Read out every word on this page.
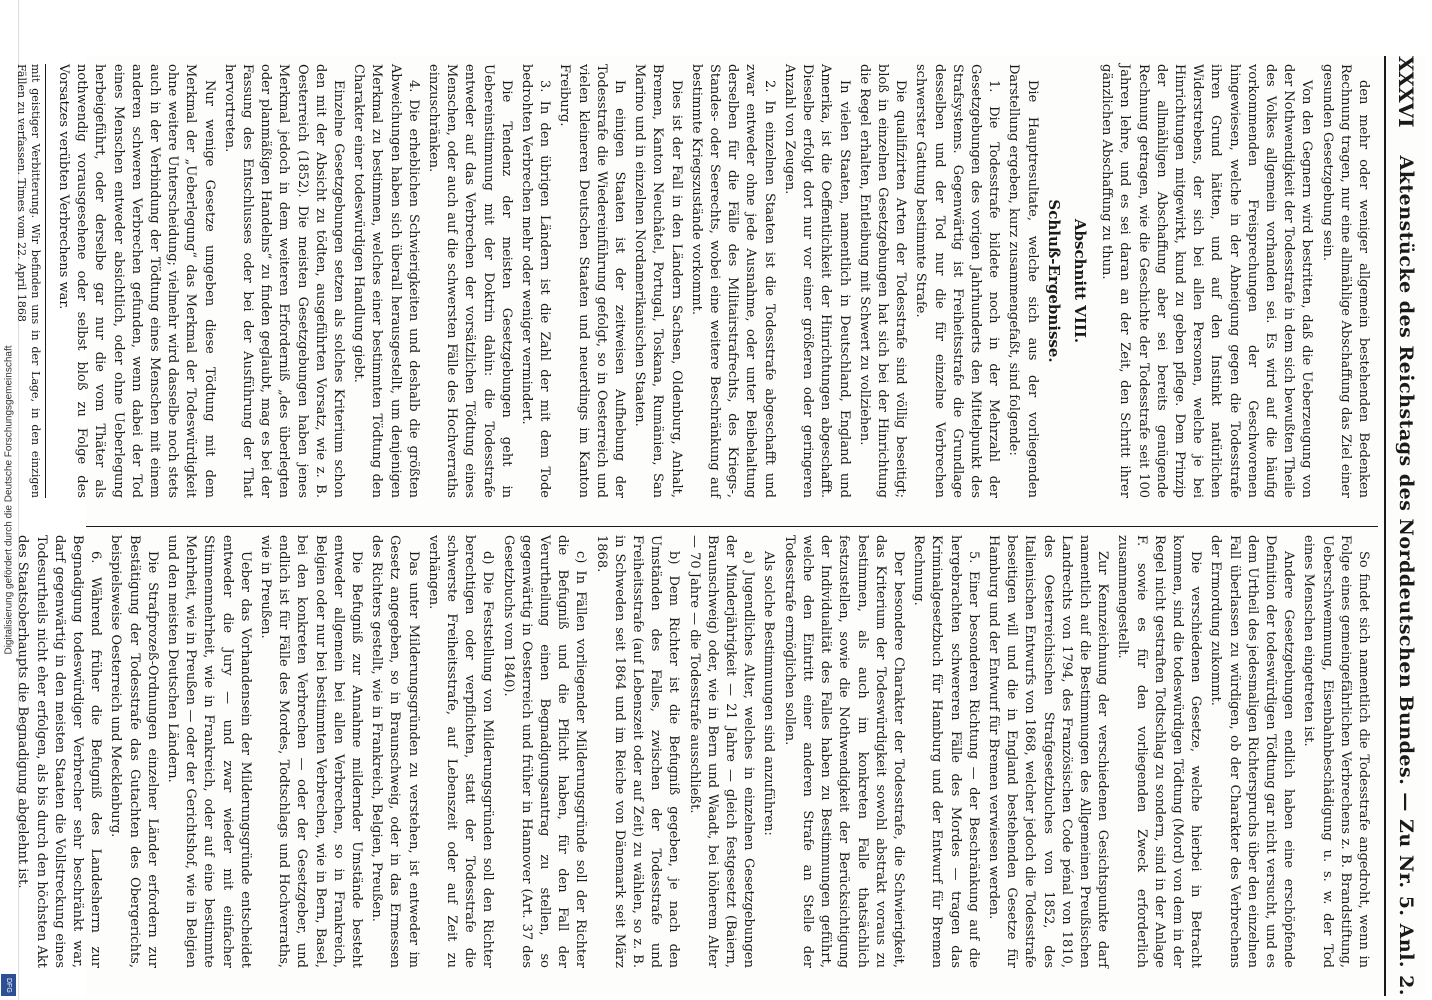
Digitalisierung gefördert durch die Deutsche Forschungsgemeinschaft
DFG
XXXVI
Aktenstücke des Reichstags des Norddeutschen Bundes. — Zu Nr. 5. Anl. 2.

den mehr oder weniger allgemein bestehenden Bedenken Rechnung tragen, nur eine allmählige Abschaffung das Ziel einer gesunden Gesetzgebung sein.

Von den Gegnern wird bestritten, daß die Ueberzeugung von der Nothwendigkeit der Todesstrafe in dem sich bewußten Theile des Volkes allgemein vorhanden sei. Es wird auf die häufig vorkommenden Freisprechungen der Geschworenen hingewiesen, welche in der Abneigung gegen die Todesstrafe ihren Grund hätten, und auf den Instinkt natürlichen Widerstrebens, der sich bei allen Personen, welche je bei Hinrichtungen mitgewirkt, kund zu geben pflege. Dem Prinzip der allmähligen Abschaffung aber sei bereits genügende Rechnung getragen, wie die Geschichte der Todesstrafe seit 100 Jahren lehre, und es sei daran an der Zeit, den Schritt ihrer gänzlichen Abschaffung zu thun.

Abschnitt VIII.

Schluß-Ergebnisse.

Die Hauptresultate, welche sich aus der vorliegenden Darstellung ergeben, kurz zusammengefaßt, sind folgende:

1. Die Todesstrafe bildete noch in der Mehrzahl der Gesetzgebungen des vorigen Jahrhunderts den Mittelpunkt des Strafsystems. Gegenwärtig ist Freiheitsstrafe die Grundlage desselben und der Tod nur die für einzelne Verbrechen schwerster Gattung bestimmte Strafe.

Die qualifizirten Arten der Todesstrafe sind völlig beseitigt; bloß in einzelnen Gesetzgebungen hat sich bei der Hinrichtung die Regel erhalten, Entleibung mit Schwert zu vollziehen.

In vielen Staaten, namentlich in Deutschland, England und Amerika, ist die Oeffentlichkeit der Hinrichtungen abgeschafft. Dieselbe erfolgt dort nur vor einer größeren oder geringeren Anzahl von Zeugen.

2. In einzelnen Staaten ist die Todesstrafe abgeschafft und zwar entweder ohne jede Ausnahme, oder unter Beibehaltung derselben für die Fälle des Militairstrafrechts, des Kriegs-, Standes- oder Seerechts, wobei eine weitere Beschränkung auf bestimmte Kriegszustände vorkommt.

Dies ist der Fall in den Ländern Sachsen, Oldenburg, Anhalt, Bremen, Kanton Neuchâtel, Portugal, Toskana, Rumänien, San Marino und in einzelnen Nordamerikanischen Staaten.

In einigen Staaten ist der zeitweisen Aufhebung der Todesstrafe die Wiedereinführung gefolgt, so in Oesterreich und vielen kleineren Deutschen Staaten und neuerdings im Kanton Freiburg.

3. In den übrigen Ländern ist die Zahl der mit dem Tode bedrohten Verbrechen mehr oder weniger vermindert.

Die Tendenz der meisten Gesetzgebungen geht in Uebereinstimmung mit der Doktrin dahin: die Todesstrafe entweder auf das Verbrechen der vorsätzlichen Tödtung eines Menschen, oder auch auf die schwersten Fälle des Hochverraths einzuschränken.

4. Die erheblichen Schwierigkeiten und deshalb die größten Abweichungen haben sich überall herausgestellt, um denjenigen Merkmal zu bestimmen, welches einer bestimmten Tödtung den Charakter einer todeswürdigen Handlung giebt.

Einzelne Gesetzgebungen setzen als solches Kriterium schon den mit der Absicht zu tödten, ausgeführten Vorsatz, wie z. B. Oesterreich (1852). Die meisten Gesetzgebungen haben jenes Merkmal jedoch in dem weiteren Erforderniß „des überlegten oder planmäßigen Handelns“ zu finden geglaubt, mag es bei der Fassung des Entschlusses oder bei der Ausführung der That hervortreten.

Nur wenige Gesetze umgeben diese Tödtung mit dem Merkmal der „Ueberlegung“ das Merkmal der Todeswürdigkeit ohne weitere Unterscheidung; vielmehr wird dasselbe noch stets auch in der Verbindung der Tödtung eines Menschen mit einem anderen schweren Verbrechen gefunden, wenn dabei der Tod eines Menschen entweder absichtlich, oder ohne Ueberlegung herbeigeführt, oder derselbe gar nur die vom Thäter als nothwendig vorausgesehene oder selbst bloß zu Folge des Vorsatzes verübten Verbrechens war.

mit geistiger Verbitterung. Wir befinden uns in der Lage, in den einzigen Fällen zu verfassen. Times vom 22. April 1868

So findet sich namentlich die Todesstrafe angedroht, wenn in Folge eines gemeingefährlichen Verbrechens z. B. Brandstiftung, Ueberschwemmung, Eisenbahnbeschädigung u. s. w. der Tod eines Menschen eingetreten ist.

Andere Gesetzgebungen endlich haben eine erschöpfende Definition der todeswürdigen Tödtung gar nicht versucht, und es dem Urtheil des jedesmaligen Richterspruchs über den einzelnen Fall überlassen zu würdigen, ob der Charakter des Verbrechens der Ermordung zukommt.

Die verschiedenen Gesetze, welche hierbei in Betracht kommen, sind die todeswürdigen Tödtung (Mord) von dem in der Regel nicht gestraften Todtschlag zu sondern, sind in der Anlage F. sowie es für den vorliegenden Zweck erforderlich zusammengestellt.

Zur Kennzeichnung der verschiedenen Gesichtspunkte darf namentlich auf die Bestimmungen des Allgemeinen Preußischen Landrechts von 1794, des Französischen Code pénal von 1810, des Oesterreichischen Strafgesetzbuches von 1852, des Italienischen Entwurfs von 1868, welcher jedoch die Todesstrafe beseitigen will und die in England bestehenden Gesetze für Hamburg und der Entwurf für Bremen verwiesen werden.

5. Einer besonderen Richtung — der Beschränkung auf die hergebrachten schwereren Fälle des Mordes — tragen das Kriminalgesetzbuch für Hamburg und der Entwurf für Bremen Rechnung.

Der besondere Charakter der Todesstrafe, die Schwierigkeit, das Kriterium der Todeswürdigkeit sowohl abstrakt voraus zu bestimmen, als auch im konkreten Falle thatsächlich festzustellen, sowie die Nothwendigkeit der Berücksichtigung der Individualität des Falles haben zu Bestimmungen geführt, welche den Eintritt einer anderen Strafe an Stelle der Todesstrafe ermöglichen sollen.

Als solche Bestimmungen sind anzuführen:

a) Jugendliches Alter, welches in einzelnen Gesetzgebungen der Minderjährigkeit — 21 Jahre — gleich festgesetzt (Baiern, Braunschweig) oder, wie in Bern und Waadt, bei höherem Alter — 70 Jahre — die Todesstrafe ausschließt.

b) Dem Richter ist die Befugniß gegeben, je nach den Umständen des Falles, zwischen der Todesstrafe und Freiheitsstrafe (auf Lebenszeit oder auf Zeit) zu wählen, so z. B. in Schweden seit 1864 und im Reiche von Dänemark seit März 1868.

c) In Fällen vorliegender Milderungsgründe soll der Richter die Befugniß und die Pflicht haben, für den Fall der Verurtheilung einen Begnadigungsantrag zu stellen, so gegenwärtig in Oesterreich und früher in Hannover (Art. 37 des Gesetzbuchs vom 1840).

d) Die Feststellung von Milderungsgründen soll den Richter berechtigen oder verpflichten, statt der Todesstrafe die schwerste Freiheitsstrafe, auf Lebenszeit oder auf Zeit zu verhängen.

Das unter Milderungsgründen zu verstehen, ist entweder im Gesetz angegeben, so in Braunschweig, oder in das Ermessen des Richters gestellt, wie in Frankreich, Belgien, Preußen.

Die Befugniß zur Annahme mildernder Umstände besteht entweder allgemein bei allen Verbrechen, so in Frankreich, Belgien oder nur bei bestimmten Verbrechen, wie in Bern, Basel, bei den konkreten Verbrechen — oder der Gesetzgeber, und endlich ist für Fälle des Mordes, Todtschlags und Hochverraths, wie in Preußen.

Ueber das Vorhandensein der Milderungsgründe entscheidet entweder die Jury — und zwar wieder mit einfacher Stimmenmehrheit, wie in Frankreich, oder auf eine bestimmte Mehrheit, wie in Preußen — oder der Gerichtshof, wie in Belgien und den meisten Deutschen Ländern.

Die Strafprozeß-Ordnungen einzelner Länder erfordern zur Bestätigung der Todesstrafe das Gutachten des Obergerichts, beispielsweise Oesterreich und Mecklenburg.

6. Während früher die Befugniß des Landesherrn zur Begnadigung todeswürdiger Verbrecher sehr beschränkt war, darf gegenwärtig in den meisten Staaten die Vollstreckung eines Todesurtheils nicht eher erfolgen, als bis durch den höchsten Akt des Staatsoberhaupts die Begnadigung abgelehnt ist.
